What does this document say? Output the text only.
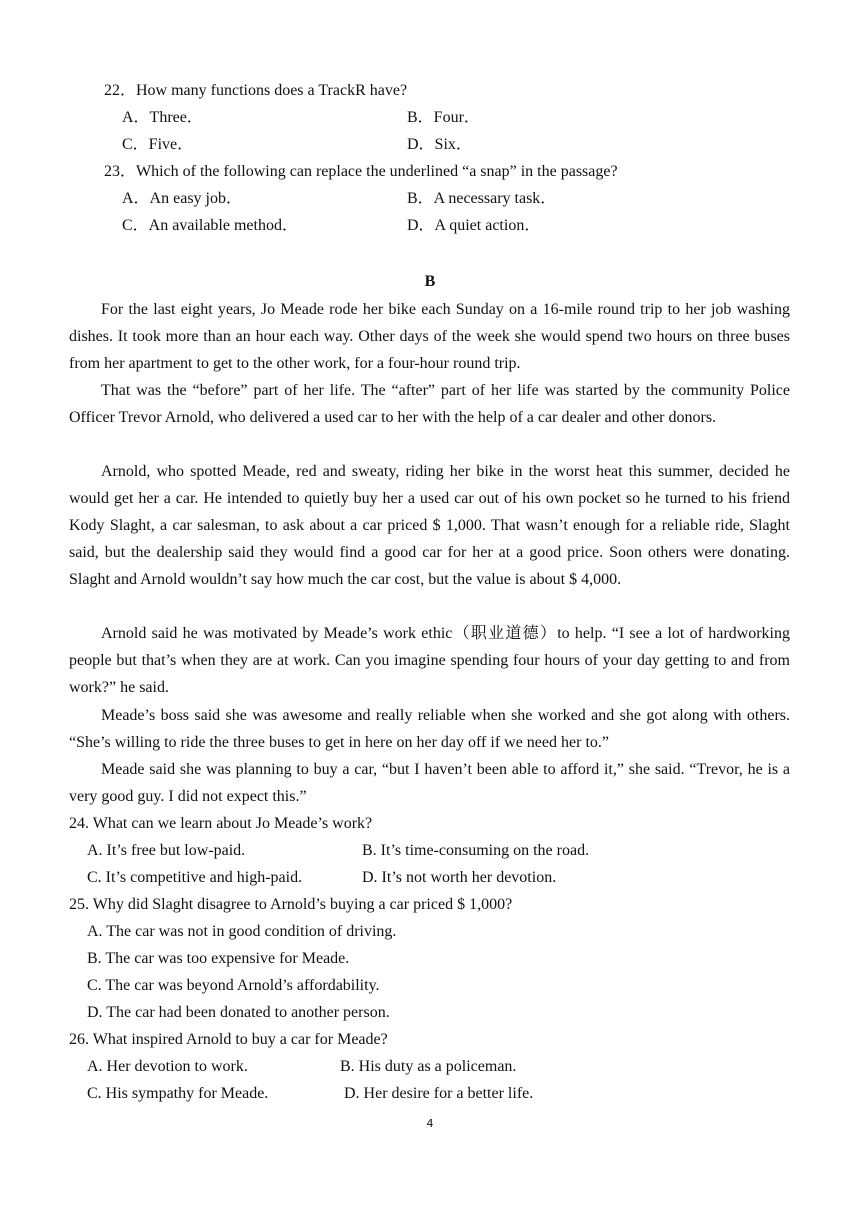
22．How many functions does a TrackR have?
A．Three．	B．Four．
C．Five．	D．Six．
23．Which of the following can replace the underlined “a snap” in the passage?
A．An easy job．	B．A necessary task．
C．An available method．	D．A quiet action．
B
For the last eight years, Jo Meade rode her bike each Sunday on a 16-mile round trip to her job washing dishes. It took more than an hour each way. Other days of the week she would spend two hours on three buses from her apartment to get to the other work, for a four-hour round trip.
That was the “before” part of her life. The “after” part of her life was started by the community Police Officer Trevor Arnold, who delivered a used car to her with the help of a car dealer and other donors.
Arnold, who spotted Meade, red and sweaty, riding her bike in the worst heat this summer, decided he would get her a car. He intended to quietly buy her a used car out of his own pocket so he turned to his friend Kody Slaght, a car salesman, to ask about a car priced $ 1,000. That wasn’t enough for a reliable ride, Slaght said, but the dealership said they would find a good car for her at a good price. Soon others were donating. Slaght and Arnold wouldn’t say how much the car cost, but the value is about $ 4,000.
Arnold said he was motivated by Meade’s work ethic（职业道德）to help. “I see a lot of hardworking people but that’s when they are at work. Can you imagine spending four hours of your day getting to and from work?” he said.
Meade’s boss said she was awesome and really reliable when she worked and she got along with others. “She’s willing to ride the three buses to get in here on her day off if we need her to.”
Meade said she was planning to buy a car, “but I haven’t been able to afford it,” she said. “Trevor, he is a very good guy. I did not expect this.”
24. What can we learn about Jo Meade’s work?
A. It’s free but low-paid.	B. It’s time-consuming on the road.
C. It’s competitive and high-paid.	D. It’s not worth her devotion.
25. Why did Slaght disagree to Arnold’s buying a car priced $ 1,000?
A. The car was not in good condition of driving.
B. The car was too expensive for Meade.
C. The car was beyond Arnold’s affordability.
D. The car had been donated to another person.
26. What inspired Arnold to buy a car for Meade?
A. Her devotion to work.	B. His duty as a policeman.
C. His sympathy for Meade.	D. Her desire for a better life.
4
